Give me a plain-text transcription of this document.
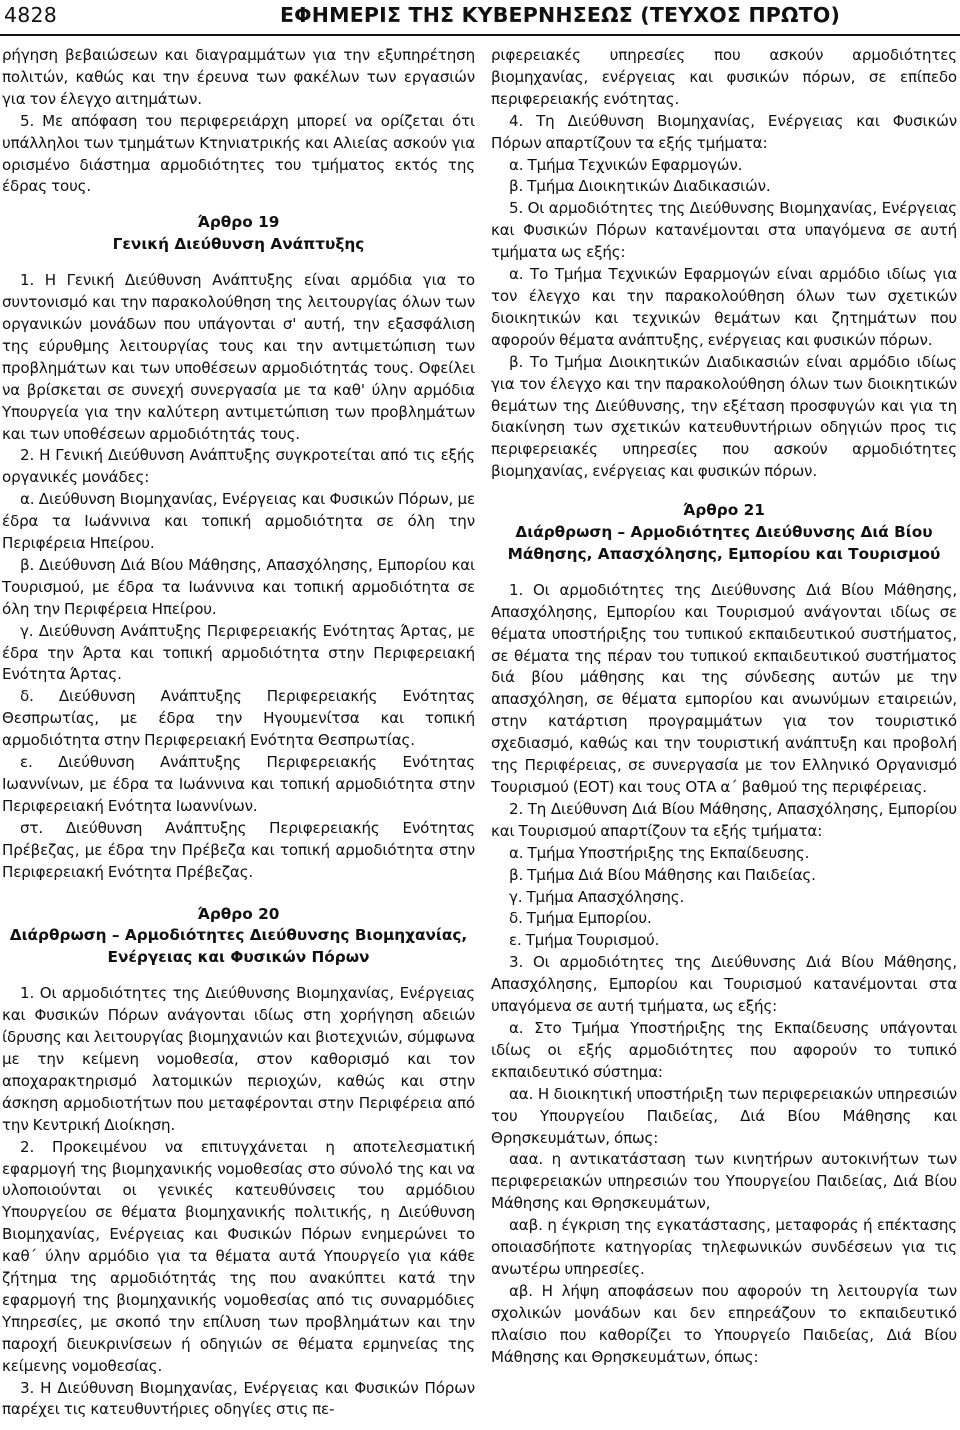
4828	ΕΦΗΜΕΡΙΣ ΤΗΣ ΚΥΒΕΡΝΗΣΕΩΣ (ΤΕΥΧΟΣ ΠΡΩΤΟ)

ρήγηση βεβαιώσεων και διαγραμμάτων για την εξυπηρέτηση πολιτών, καθώς και την έρευνα των φακέλων των εργασιών για τον έλεγχο αιτημάτων.

5. Με απόφαση του περιφερειάρχη μπορεί να ορίζεται ότι υπάλληλοι των τμημάτων Κτηνιατρικής και Αλιείας ασκούν για ορισμένο διάστημα αρμοδιότητες του τμήματος εκτός της έδρας τους.

Άρθρο 19

Γενική Διεύθυνση Ανάπτυξης

1. Η Γενική Διεύθυνση Ανάπτυξης είναι αρμόδια για το συντονισμό και την παρακολούθηση της λειτουργίας όλων των οργανικών μονάδων που υπάγονται σ' αυτή, την εξασφάλιση της εύρυθμης λειτουργίας τους και την αντιμετώπιση των προβλημάτων και των υποθέσεων αρμοδιότητάς τους. Οφείλει να βρίσκεται σε συνεχή συνεργασία με τα καθ' ύλην αρμόδια Υπουργεία για την καλύτερη αντιμετώπιση των προβλημάτων και των υποθέσεων αρμοδιότητάς τους.

2. Η Γενική Διεύθυνση Ανάπτυξης συγκροτείται από τις εξής οργανικές μονάδες:

α. Διεύθυνση Βιομηχανίας, Ενέργειας και Φυσικών Πόρων, με έδρα τα Ιωάννινα και τοπική αρμοδιότητα σε όλη την Περιφέρεια Ηπείρου.

β. Διεύθυνση Διά Βίου Μάθησης, Απασχόλησης, Εμπορίου και Τουρισμού, με έδρα τα Ιωάννινα και τοπική αρμοδιότητα σε όλη την Περιφέρεια Ηπείρου.

γ. Διεύθυνση Ανάπτυξης Περιφερειακής Ενότητας Άρτας, με έδρα την Άρτα και τοπική αρμοδιότητα στην Περιφερειακή Ενότητα Άρτας.

δ. Διεύθυνση Ανάπτυξης Περιφερειακής Ενότητας Θεσπρωτίας, με έδρα την Ηγουμενίτσα και τοπική αρμοδιότητα στην Περιφερειακή Ενότητα Θεσπρωτίας.

ε. Διεύθυνση Ανάπτυξης Περιφερειακής Ενότητας Ιωαννίνων, με έδρα τα Ιωάννινα και τοπική αρμοδιότητα στην Περιφερειακή Ενότητα Ιωαννίνων.

στ. Διεύθυνση Ανάπτυξης Περιφερειακής Ενότητας Πρέβεζας, με έδρα την Πρέβεζα και τοπική αρμοδιότητα στην Περιφερειακή Ενότητα Πρέβεζας.

Άρθρο 20

Διάρθρωση – Αρμοδιότητες Διεύθυνσης Βιομηχανίας, Ενέργειας και Φυσικών Πόρων

1. Οι αρμοδιότητες της Διεύθυνσης Βιομηχανίας, Ενέργειας και Φυσικών Πόρων ανάγονται ιδίως στη χορήγηση αδειών ίδρυσης και λειτουργίας βιομηχανιών και βιοτεχνιών, σύμφωνα με την κείμενη νομοθεσία, στον καθορισμό και τον αποχαρακτηρισμό λατομικών περιοχών, καθώς και στην άσκηση αρμοδιοτήτων που μεταφέρονται στην Περιφέρεια από την Κεντρική Διοίκηση.

2. Προκειμένου να επιτυγχάνεται η αποτελεσματική εφαρμογή της βιομηχανικής νομοθεσίας στο σύνολό της και να υλοποιούνται οι γενικές κατευθύνσεις του αρμόδιου Υπουργείου σε θέματα βιομηχανικής πολιτικής, η Διεύθυνση Βιομηχανίας, Ενέργειας και Φυσικών Πόρων ενημερώνει το καθ΄ ύλην αρμόδιο για τα θέματα αυτά Υπουργείο για κάθε ζήτημα της αρμοδιότητάς της που ανακύπτει κατά την εφαρμογή της βιομηχανικής νομοθεσίας από τις συναρμόδιες Υπηρεσίες, με σκοπό την επίλυση των προβλημάτων και την παροχή διευκρινίσεων ή οδηγιών σε θέματα ερμηνείας της κείμενης νομοθεσίας.

3. Η Διεύθυνση Βιομηχανίας, Ενέργειας και Φυσικών Πόρων παρέχει τις κατευθυντήριες οδηγίες στις πε-

ριφερειακές υπηρεσίες που ασκούν αρμοδιότητες βιομηχανίας, ενέργειας και φυσικών πόρων, σε επίπεδο περιφερειακής ενότητας.

4. Τη Διεύθυνση Βιομηχανίας, Ενέργειας και Φυσικών Πόρων απαρτίζουν τα εξής τμήματα:

α. Τμήμα Τεχνικών Εφαρμογών.

β. Τμήμα Διοικητικών Διαδικασιών.

5. Οι αρμοδιότητες της Διεύθυνσης Βιομηχανίας, Ενέργειας και Φυσικών Πόρων κατανέμονται στα υπαγόμενα σε αυτή τμήματα ως εξής:

α. Το Τμήμα Τεχνικών Εφαρμογών είναι αρμόδιο ιδίως για τον έλεγχο και την παρακολούθηση όλων των σχετικών διοικητικών και τεχνικών θεμάτων και ζητημάτων που αφορούν θέματα ανάπτυξης, ενέργειας και φυσικών πόρων.

β. Το Τμήμα Διοικητικών Διαδικασιών είναι αρμόδιο ιδίως για τον έλεγχο και την παρακολούθηση όλων των διοικητικών θεμάτων της Διεύθυνσης, την εξέταση προσφυγών και για τη διακίνηση των σχετικών κατευθυντήριων οδηγιών προς τις περιφερειακές υπηρεσίες που ασκούν αρμοδιότητες βιομηχανίας, ενέργειας και φυσικών πόρων.

Άρθρο 21

Διάρθρωση – Αρμοδιότητες Διεύθυνσης Διά Βίου Μάθησης, Απασχόλησης, Εμπορίου και Τουρισμού

1. Οι αρμοδιότητες της Διεύθυνσης Διά Βίου Μάθησης, Απασχόλησης, Εμπορίου και Τουρισμού ανάγονται ιδίως σε θέματα υποστήριξης του τυπικού εκπαιδευτικού συστήματος, σε θέματα της πέραν του τυπικού εκπαιδευτικού συστήματος διά βίου μάθησης και της σύνδεσης αυτών με την απασχόληση, σε θέματα εμπορίου και ανωνύμων εταιρειών, στην κατάρτιση προγραμμάτων για τον τουριστικό σχεδιασμό, καθώς και την τουριστική ανάπτυξη και προβολή της Περιφέρειας, σε συνεργασία με τον Ελληνικό Οργανισμό Τουρισμού (ΕΟΤ) και τους ΟΤΑ α΄ βαθμού της περιφέρειας.

2. Τη Διεύθυνση Διά Βίου Μάθησης, Απασχόλησης, Εμπορίου και Τουρισμού απαρτίζουν τα εξής τμήματα:

α. Τμήμα Υποστήριξης της Εκπαίδευσης.

β. Τμήμα Διά Βίου Μάθησης και Παιδείας.

γ. Τμήμα Απασχόλησης.

δ. Τμήμα Εμπορίου.

ε. Τμήμα Τουρισμού.

3. Οι αρμοδιότητες της Διεύθυνσης Διά Βίου Μάθησης, Απασχόλησης, Εμπορίου και Τουρισμού κατανέμονται στα υπαγόμενα σε αυτή τμήματα, ως εξής:

α. Στο Τμήμα Υποστήριξης της Εκπαίδευσης υπάγονται ιδίως οι εξής αρμοδιότητες που αφορούν το τυπικό εκπαιδευτικό σύστημα:

αα. Η διοικητική υποστήριξη των περιφερειακών υπηρεσιών του Υπουργείου Παιδείας, Διά Βίου Μάθησης και Θρησκευμάτων, όπως:

ααα. η αντικατάσταση των κινητήρων αυτοκινήτων των περιφερειακών υπηρεσιών του Υπουργείου Παιδείας, Διά Βίου Μάθησης και Θρησκευμάτων,

ααβ. η έγκριση της εγκατάστασης, μεταφοράς ή επέκτασης οποιασδήποτε κατηγορίας τηλεφωνικών συνδέσεων για τις ανωτέρω υπηρεσίες.

αβ. Η λήψη αποφάσεων που αφορούν τη λειτουργία των σχολικών μονάδων και δεν επηρεάζουν το εκπαιδευτικό πλαίσιο που καθορίζει το Υπουργείο Παιδείας, Διά Βίου Μάθησης και Θρησκευμάτων, όπως:
